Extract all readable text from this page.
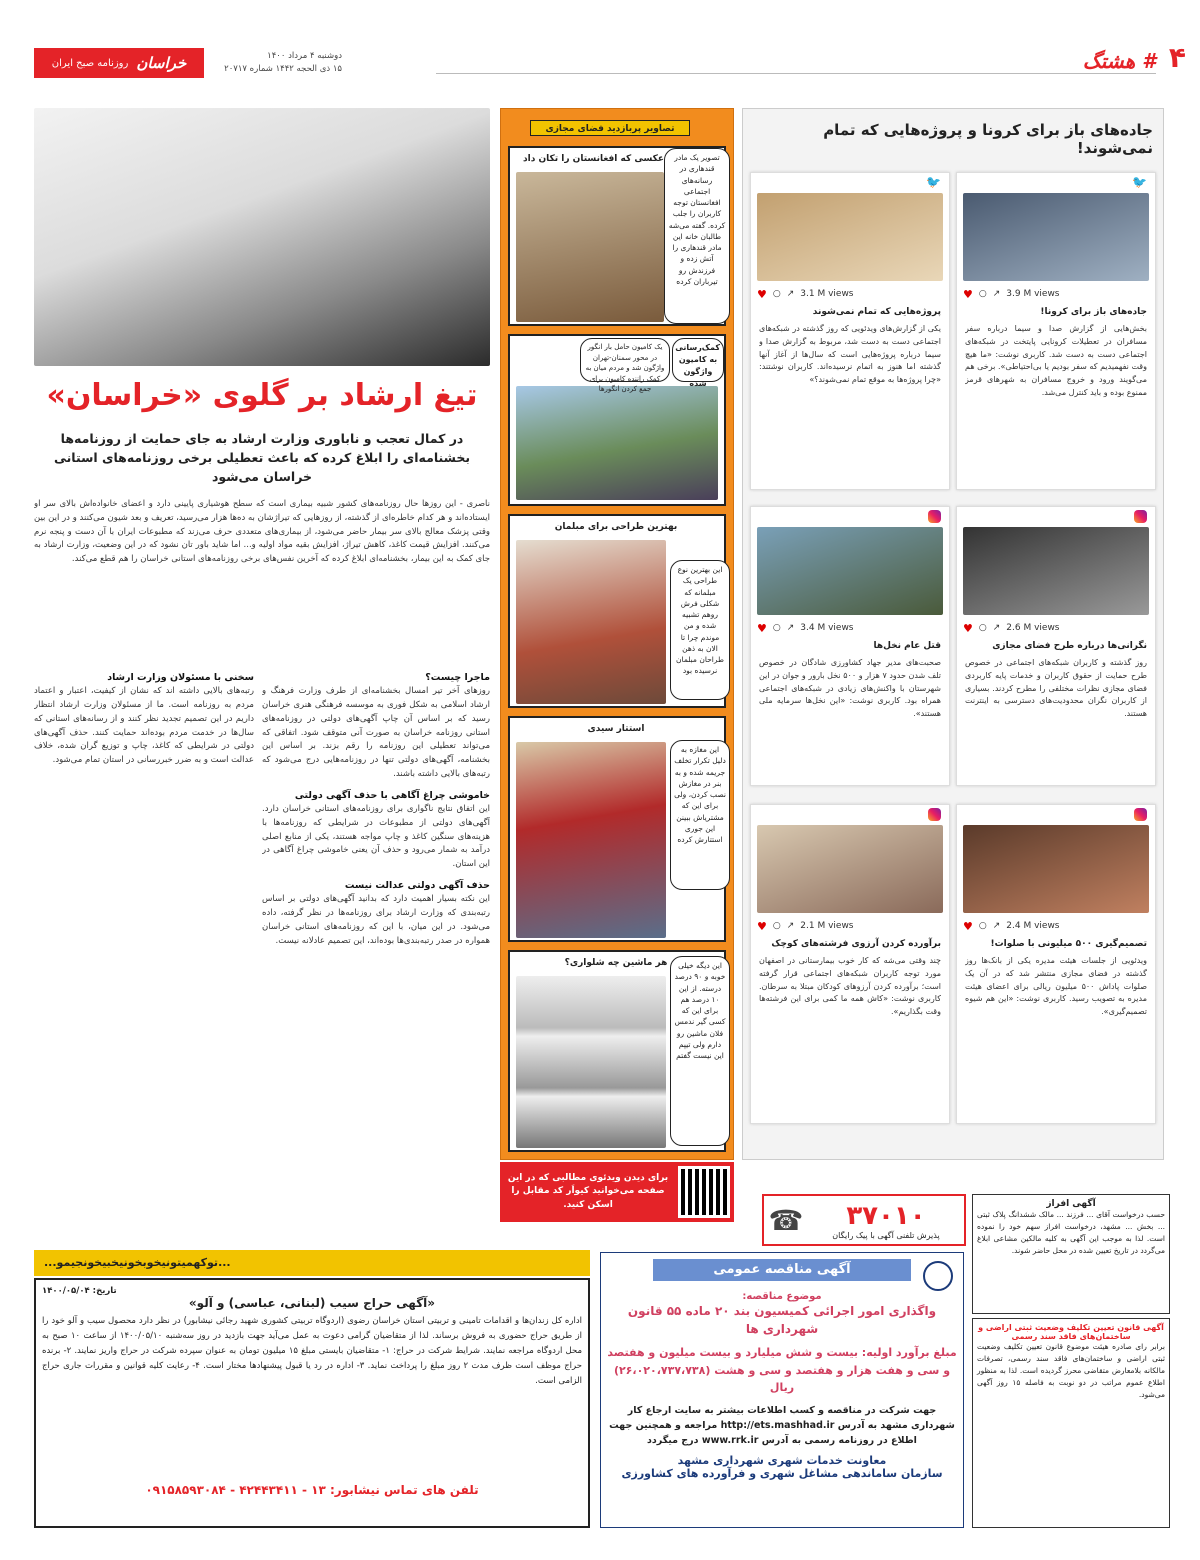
۴
# هشتگ
خراسان
روزنامه صبح ایران
دوشنبه ۴ مرداد ۱۴۰۰
۱۵ ذی الحجه ۱۴۴۲ شماره ۲۰۷۱۷
جاده‌های باز برای کرونا و پروژه‌هایی که تمام نمی‌شوند!
🐦
♥ ○ ↗ 3.9 M views
جاده‌های باز برای کرونا!
بخش‌هایی از گزارش صدا و سیما درباره سفر مسافران در تعطیلات کرونایی پایتخت در شبکه‌های اجتماعی دست به دست شد. کاربری نوشت: «ما هیچ وقت نفهمیدیم که سفر بودیم یا بی‌احتیاطی». برخی هم می‌گویند ورود و خروج مسافران به شهرهای قرمز ممنوع بوده و باید کنترل می‌شد.
🐦
♥ ○ ↗ 3.1 M views
پروژه‌هایی که تمام نمی‌شوند
یکی از گزارش‌های ویدئویی که روز گذشته در شبکه‌های اجتماعی دست به دست شد، مربوط به گزارش صدا و سیما درباره پروژه‌هایی است که سال‌ها از آغاز آنها گذشته اما هنوز به اتمام نرسیده‌اند. کاربران نوشتند: «چرا پروژه‌ها به موقع تمام نمی‌شوند؟»
♥ ○ ↗ 2.6 M views
نگرانی‌ها درباره طرح فضای مجازی
روز گذشته و کاربران شبکه‌های اجتماعی در خصوص طرح حمایت از حقوق کاربران و خدمات پایه کاربردی فضای مجازی نظرات مختلفی را مطرح کردند. بسیاری از کاربران نگران محدودیت‌های دسترسی به اینترنت هستند.
♥ ○ ↗ 3.4 M views
قتل عام نخل‌ها
صحبت‌های مدیر جهاد کشاورزی شادگان در خصوص تلف شدن حدود ۷ هزار و ۵۰۰ نخل بارور و جوان در این شهرستان با واکنش‌های زیادی در شبکه‌های اجتماعی همراه بود. کاربری نوشت: «این نخل‌ها سرمایه ملی هستند».
♥ ○ ↗ 2.4 M views
تصمیم‌گیری ۵۰۰ میلیونی با صلوات!
ویدئویی از جلسات هیئت مدیره یکی از بانک‌ها روز گذشته در فضای مجازی منتشر شد که در آن یک صلوات پاداش ۵۰۰ میلیون ریالی برای اعضای هیئت مدیره به تصویب رسید. کاربری نوشت: «این هم شیوه تصمیم‌گیری».
♥ ○ ↗ 2.1 M views
برآورده کردن آرزوی فرشته‌های کوچک
چند وقتی می‌شه که کار خوب بیمارستانی در اصفهان مورد توجه کاربران شبکه‌های اجتماعی قرار گرفته است؛ برآورده کردن آرزوهای کودکان مبتلا به سرطان. کاربری نوشت: «کاش همه ما کمی برای این فرشته‌ها وقت بگذاریم».
تصاویر پربازدید فضای مجازی
عکسی که افغانستان را تکان داد	تصویر یک مادر قندهاری در رسانه‌های اجتماعی افغانستان توجه کاربران را جلب کرده. گفته می‌شه طالبان خانه این مادر قندهاری را آتش زده و فرزندش رو تیرباران کرده
یک کامیون حامل بار انگور در محور سمنان-تهران واژگون شد و مردم میان به کمک راننده کامیون برای جمع کردن انگورها
کمک‌رسانی به کامیون واژگون شده
بهترین طراحی برای مبلمان
این بهترین نوع طراحی یک مبلمانه که شکلی فرش روهم تشبیه شده و من موندم چرا تا الان به ذهن طراحان مبلمان نرسیده بود
استتار سیدی
این مغازه به دلیل تکرار تخلف جریمه شده و به بنر در مغازش نصب کردن، ولی برای این که مشتریاش ببینن این جوری استتارش کرده
هر ماشین چه شلواری؟	این دیگه خیلی خوبه و ۹۰ درصد درسته. از این ۱۰ درصد هم برای این که کسی گیر ندمس فلان ماشین رو دارم ولی تیپم این نیست گفتم
تیغ ارشاد بر گلوی «خراسان»
در کمال تعجب و ناباوری وزارت ارشاد به جای حمایت از روزنامه‌ها بخشنامه‌ای را ابلاغ کرده که باعث تعطیلی برخی روزنامه‌های استانی خراسان می‌شود
ناصری - این روزها حال روزنامه‌های کشور شبیه بیماری است که سطح هوشیاری پایینی دارد و اعضای خانواده‌اش بالای سر او ایستاده‌اند و هر کدام خاطره‌ای از گذشته، از روزهایی که تیراژشان به ده‌ها هزار می‌رسید، تعریف و بعد شیون می‌کنند و در این بین وقتی پزشک معالج بالای سر بیمار حاضر می‌شود، از بیماری‌های متعددی حرف می‌زند که مطبوعات ایران با آن دست و پنجه نرم می‌کنند. افزایش قیمت کاغذ، کاهش تیراژ، افزایش بقیه مواد اولیه و... اما شاید باور تان نشود که در این وضعیت، وزارت ارشاد به جای کمک به این بیمار، بخشنامه‌ای ابلاغ کرده که آخرین نفس‌های برخی روزنامه‌های استانی خراسان را هم قطع می‌کند.
ماجرا چیست؟

روزهای آخر تیر امسال بخشنامه‌ای از طرف وزارت فرهنگ و ارشاد اسلامی به شکل فوری به موسسه فرهنگی هنری خراسان رسید که بر اساس آن چاپ آگهی‌های دولتی در روزنامه‌های استانی روزنامه خراسان به صورت آنی متوقف شود. اتفاقی که می‌تواند تعطیلی این روزنامه را رقم بزند. بر اساس این بخشنامه، آگهی‌های دولتی تنها در روزنامه‌هایی درج می‌شود که رتبه‌های بالایی داشته باشند.

خاموشی چراغ آگاهی با حذف آگهی دولتی

این اتفاق نتایج ناگواری برای روزنامه‌های استانی خراسان دارد. آگهی‌های دولتی از مطبوعات در شرایطی که روزنامه‌ها با هزینه‌های سنگین کاغذ و چاپ مواجه هستند، یکی از منابع اصلی درآمد به شمار می‌رود و حذف آن یعنی خاموشی چراغ آگاهی در این استان.

حذف آگهی دولتی عدالت نیست

این نکته بسیار اهمیت دارد که بدانید آگهی‌های دولتی بر اساس رتبه‌بندی که وزارت ارشاد برای روزنامه‌ها در نظر گرفته، داده می‌شود. در این میان، با این که روزنامه‌های استانی خراسان همواره در صدر رتبه‌بندی‌ها بوده‌اند، این تصمیم عادلانه نیست.

سخنی با مسئولان وزارت ارشاد

رتبه‌های بالایی داشته اند که نشان از کیفیت، اعتبار و اعتماد مردم به روزنامه است. ما از مسئولان وزارت ارشاد انتظار داریم در این تصمیم تجدید نظر کنند و از رسانه‌های استانی که سال‌ها در خدمت مردم بوده‌اند حمایت کنند. حذف آگهی‌های دولتی در شرایطی که کاغذ، چاپ و توزیع گران شده، خلاف عدالت است و به ضرر خبررسانی در استان تمام می‌شود.

برای دیدن ویدئوی مطالبی که در این صفحه می‌خوانید کیواَر کد مقابل را اسکن کنید.	۳۷۰۱۰
پذیرش تلفنی آگهی با پیک رایگان
☎	آگهی افراز
حسب درخواست آقای ... فرزند ... مالک ششدانگ پلاک ثبتی ... بخش ... مشهد، درخواست افراز سهم خود را نموده است. لذا به موجب این آگهی به کلیه مالکین مشاعی ابلاغ می‌گردد در تاریخ تعیین شده در محل حاضر شوند.
آگهی قانون تعیین تکلیف وضعیت ثبتی اراضی و ساختمان‌های فاقد سند رسمی
برابر رای صادره هیئت موضوع قانون تعیین تکلیف وضعیت ثبتی اراضی و ساختمان‌های فاقد سند رسمی، تصرفات مالکانه بلامعارض متقاضی محرز گردیده است. لذا به منظور اطلاع عموم مراتب در دو نوبت به فاصله ۱۵ روز آگهی می‌شود.
آگهی مناقصه عمومی
موضوع مناقصه:
واگذاری امور اجرائی کمیسیون بند ۲۰ ماده ۵۵ قانون شهرداری ها
مبلغ برآورد اولیه: بیست و شش میلیارد و بیست میلیون و هفتصد و سی و هفت هزار و هفتصد و سی و هشت (۲۶،۰۲۰،۷۳۷،۷۳۸) ریال
جهت شرکت در مناقصه و کسب اطلاعات بیشتر به سایت ارجاع کار شهرداری مشهد به آدرس http://ets.mashhad.ir مراجعه و همچنین جهت اطلاع در روزنامه رسمی به آدرس www.rrk.ir درج میگردد
معاونت خدمات شهری شهرداری مشهد
سازمان ساماندهی مشاغل شهری و فرآورده های کشاورزی
...توکهمیتونیخوبخونیخبیخونجیمو...
تاریخ: ۱۴۰۰/۰۵/۰۴
«آگهی حراج سیب (لبنانی، عباسی) و آلو»
اداره کل زندان‌ها و اقدامات تامینی و تربیتی استان خراسان رضوی (اردوگاه تربیتی کشوری شهید رجائی نیشابور) در نظر دارد محصول سیب و آلو خود را از طریق حراج حضوری به فروش برساند. لذا از متقاضیان گرامی دعوت به عمل می‌آید جهت بازدید در روز سه‌شنبه ۱۴۰۰/۰۵/۱۰ از ساعت ۱۰ صبح به محل اردوگاه مراجعه نمایند. شرایط شرکت در حراج: ۱- متقاضیان بایستی مبلغ ۱۵ میلیون تومان به عنوان سپرده شرکت در حراج واریز نمایند. ۲- برنده حراج موظف است ظرف مدت ۲ روز مبلغ را پرداخت نماید. ۳- اداره در رد یا قبول پیشنهادها مختار است. ۴- رعایت کلیه قوانین و مقررات جاری حراج الزامی است.
تلفن های تماس نیشابور: ۱۳ - ۴۲۴۴۳۴۱۱ - ۰۹۱۵۸۵۹۳۰۸۴
